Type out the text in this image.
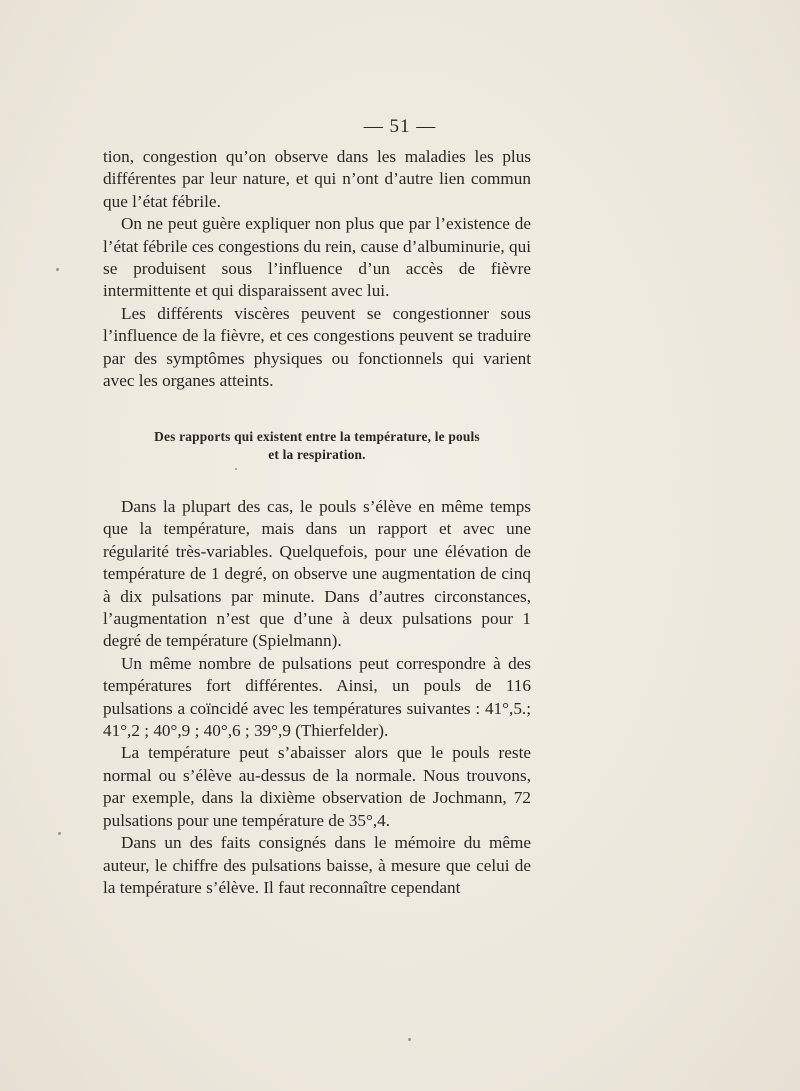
— 51 —

tion, congestion qu’on observe dans les maladies les plus différentes par leur nature, et qui n’ont d’autre lien commun que l’état fébrile.

On ne peut guère expliquer non plus que par l’existence de l’état fébrile ces congestions du rein, cause d’albuminurie, qui se produisent sous l’influence d’un accès de fièvre intermittente et qui disparaissent avec lui.

Les différents viscères peuvent se congestionner sous l’influence de la fièvre, et ces congestions peuvent se traduire par des symptômes physiques ou fonctionnels qui varient avec les organes atteints.

Des rapports qui existent entre la température, le pouls
et la respiration.

Dans la plupart des cas, le pouls s’élève en même temps que la température, mais dans un rapport et avec une régularité très-variables. Quelquefois, pour une élévation de température de 1 degré, on observe une augmentation de cinq à dix pulsations par minute. Dans d’autres circonstances, l’augmentation n’est que d’une à deux pulsations pour 1 degré de température (Spielmann).

Un même nombre de pulsations peut correspondre à des températures fort différentes. Ainsi, un pouls de 116 pulsations a coïncidé avec les températures suivantes : 41°,5.; 41°,2 ; 40°,9 ; 40°,6 ; 39°,9 (Thierfelder).

La température peut s’abaisser alors que le pouls reste normal ou s’élève au-dessus de la normale. Nous trouvons, par exemple, dans la dixième observation de Jochmann, 72 pulsations pour une température de 35°,4.

Dans un des faits consignés dans le mémoire du même auteur, le chiffre des pulsations baisse, à mesure que celui de la température s’élève. Il faut reconnaître cependant
